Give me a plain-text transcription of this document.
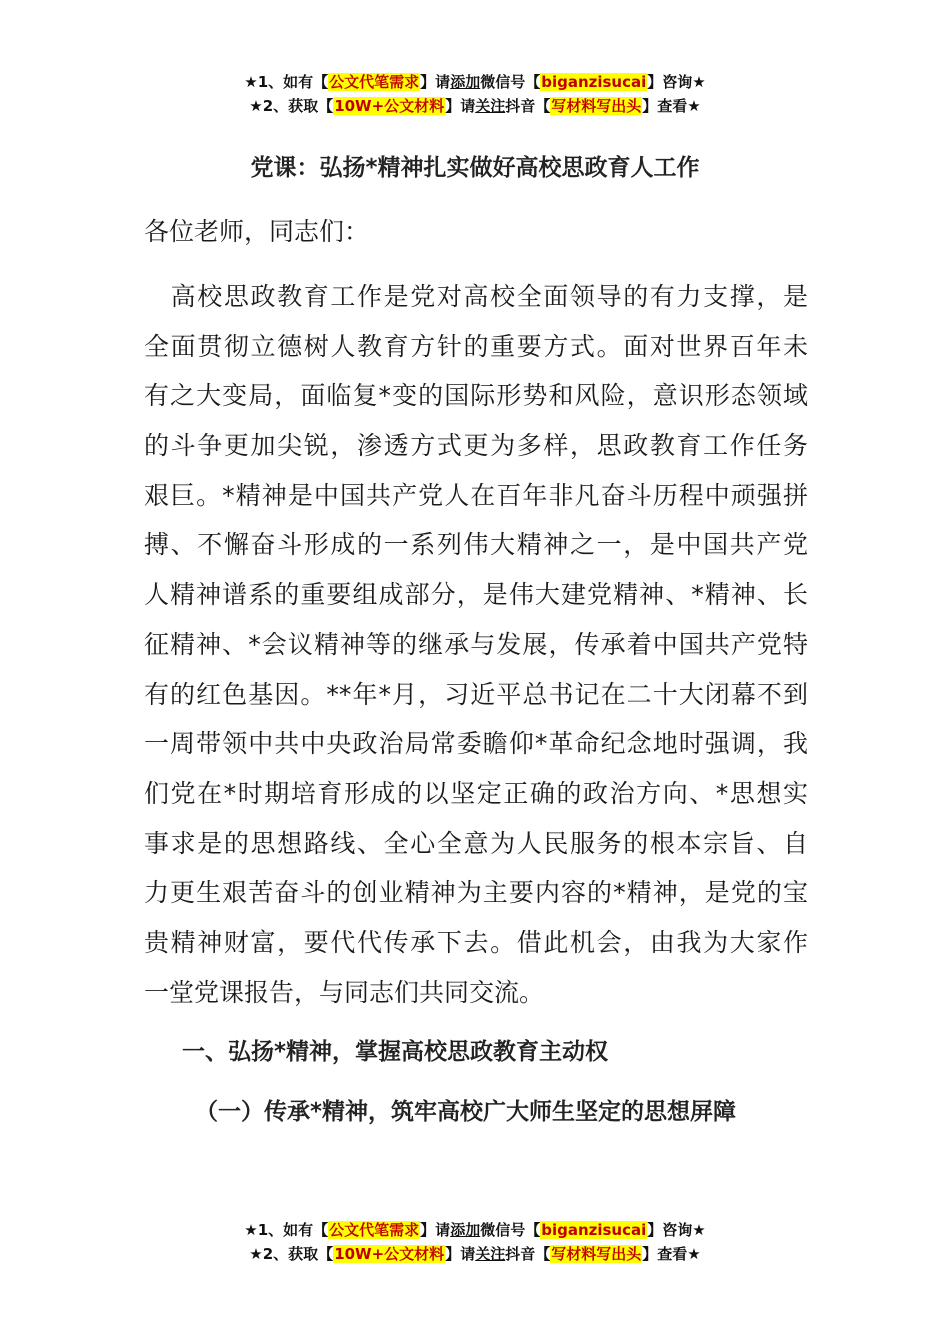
★1、如有【公文代笔需求】请添加微信号【biganzisucai】咨询★
★2、获取【10W+公文材料】请关注抖音【写材料写出头】查看★
党课：弘扬*精神扎实做好高校思政育人工作
各位老师，同志们：
　高校思政教育工作是党对高校全面领导的有力支撑，是
全面贯彻立德树人教育方针的重要方式。面对世界百年未
有之大变局，面临复*变的国际形势和风险，意识形态领域
的斗争更加尖锐，渗透方式更为多样，思政教育工作任务
艰巨。*精神是中国共产党人在百年非凡奋斗历程中顽强拼
搏、不懈奋斗形成的一系列伟大精神之一，是中国共产党
人精神谱系的重要组成部分，是伟大建党精神、*精神、长
征精神、*会议精神等的继承与发展，传承着中国共产党特
有的红色基因。**年*月，习近平总书记在二十大闭幕不到
一周带领中共中央政治局常委瞻仰*革命纪念地时强调，我
们党在*时期培育形成的以坚定正确的政治方向、*思想实
事求是的思想路线、全心全意为人民服务的根本宗旨、自
力更生艰苦奋斗的创业精神为主要内容的*精神，是党的宝
贵精神财富，要代代传承下去。借此机会，由我为大家作
一堂党课报告，与同志们共同交流。
一、弘扬*精神，掌握高校思政教育主动权
（一）传承*精神，筑牢高校广大师生坚定的思想屏障
★1、如有【公文代笔需求】请添加微信号【biganzisucai】咨询★
★2、获取【10W+公文材料】请关注抖音【写材料写出头】查看★
